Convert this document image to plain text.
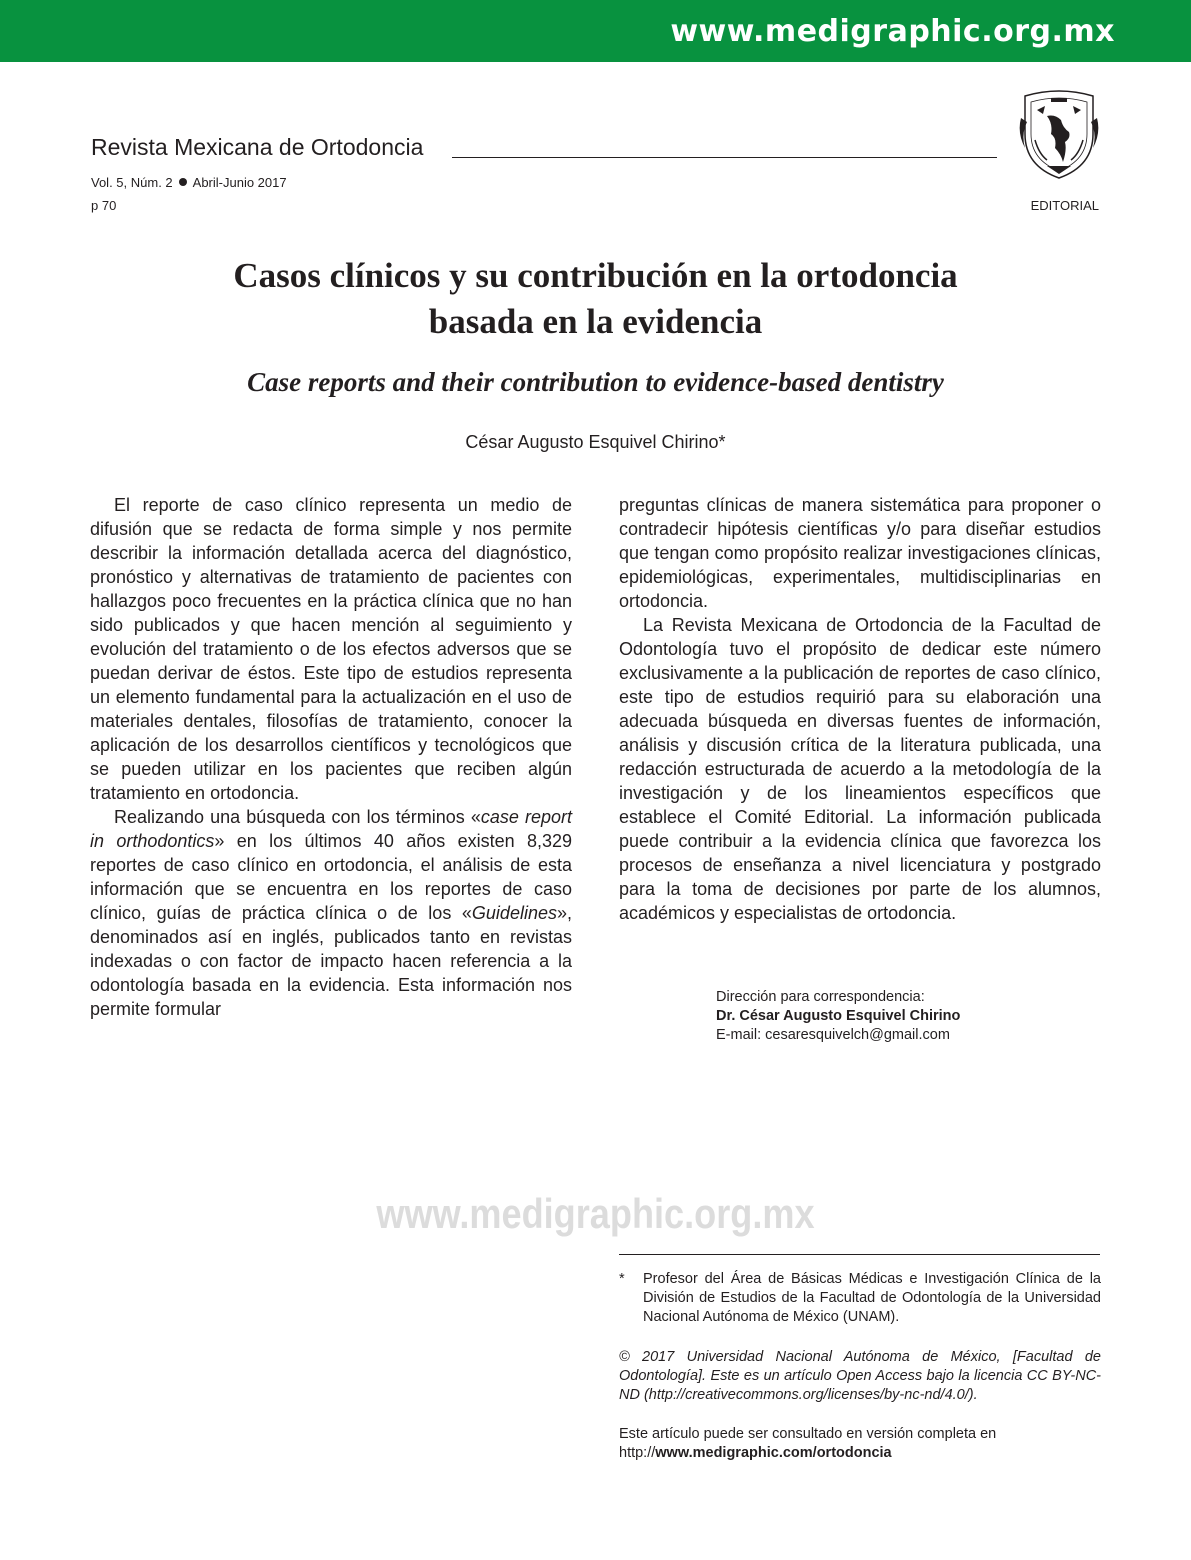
www.medigraphic.org.mx
Revista Mexicana de Ortodoncia
Vol. 5, Núm. 2 Abril-Junio 2017
p 70	EDITORIAL
Casos clínicos y su contribución en la ortodoncia
basada en la evidencia
Case reports and their contribution to evidence-based dentistry
César Augusto Esquivel Chirino*

El reporte de caso clínico representa un medio de difusión que se redacta de forma simple y nos permite describir la información detallada acerca del diagnóstico, pronóstico y alternativas de tratamiento de pacientes con hallazgos poco frecuentes en la práctica clínica que no han sido publicados y que hacen mención al seguimiento y evolución del tratamiento o de los efectos adversos que se puedan derivar de éstos. Este tipo de estudios representa un elemento fundamental para la actualización en el uso de materiales dentales, filosofías de tratamiento, conocer la aplicación de los desarrollos científicos y tecnológicos que se pueden utilizar en los pacientes que reciben algún tratamiento en ortodoncia.

Realizando una búsqueda con los términos «case report in orthodontics» en los últimos 40 años existen 8,329 reportes de caso clínico en ortodoncia, el análisis de esta información que se encuentra en los reportes de caso clínico, guías de práctica clínica o de los «Guidelines», denominados así en inglés, publicados tanto en revistas indexadas o con factor de impacto hacen referencia a la odontología basada en la evidencia. Esta información nos permite formular

preguntas clínicas de manera sistemática para proponer o contradecir hipótesis científicas y/o para diseñar estudios que tengan como propósito realizar investigaciones clínicas, epidemiológicas, experimentales, multidisciplinarias en ortodoncia.

La Revista Mexicana de Ortodoncia de la Facultad de Odontología tuvo el propósito de dedicar este número exclusivamente a la publicación de reportes de caso clínico, este tipo de estudios requirió para su elaboración una adecuada búsqueda en diversas fuentes de información, análisis y discusión crítica de la literatura publicada, una redacción estructurada de acuerdo a la metodología de la investigación y de los lineamientos específicos que establece el Comité Editorial. La información publicada puede contribuir a la evidencia clínica que favorezca los procesos de enseñanza a nivel licenciatura y postgrado para la toma de decisiones por parte de los alumnos, académicos y especialistas de ortodoncia.

Dirección para correspondencia:
Dr. César Augusto Esquivel Chirino
E-mail: cesaresquivelch@gmail.com
www.medigraphic.org.mx
* Profesor del Área de Básicas Médicas e Investigación Clínica de la División de Estudios de la Facultad de Odontología de la Universidad Nacional Autónoma de México (UNAM).
© 2017 Universidad Nacional Autónoma de México, [Facultad de Odontología]. Este es un artículo Open Access bajo la licencia CC BY-NC-ND (http://creativecommons.org/licenses/by-nc-nd/4.0/).
Este artículo puede ser consultado en versión completa en
http://www.medigraphic.com/ortodoncia
